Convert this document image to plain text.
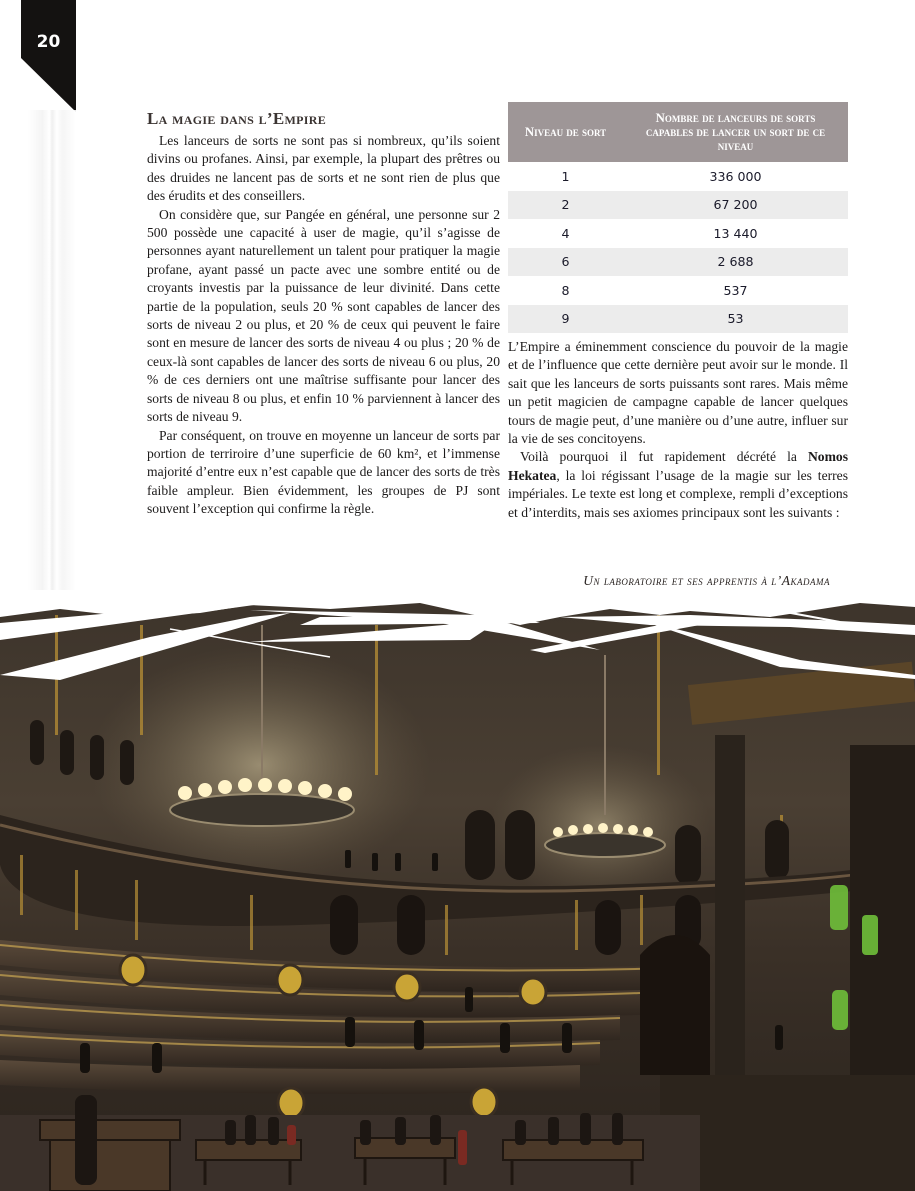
20
La magie dans l’Empire

Les lanceurs de sorts ne sont pas si nombreux, qu’ils soient divins ou profanes. Ainsi, par exemple, la plupart des prêtres ou des druides ne lancent pas de sorts et ne sont rien de plus que des érudits et des conseillers.

On considère que, sur Pangée en général, une personne sur 2 500 possède une capacité à user de magie, qu’il s’agisse de personnes ayant naturellement un talent pour pratiquer la magie profane, ayant passé un pacte avec une sombre entité ou de croyants investis par la puissance de leur divinité. Dans cette partie de la population, seuls 20 % sont capables de lancer des sorts de niveau 2 ou plus, et 20 % de ceux qui peuvent le faire sont en mesure de lancer des sorts de niveau 4 ou plus ; 20 % de ceux-là sont capables de lancer des sorts de niveau 6 ou plus, 20 % de ces derniers ont une maîtrise suffisante pour lancer des sorts de niveau 8 ou plus, et enfin 10 % parviennent à lancer des sorts de niveau 9.

Par conséquent, on trouve en moyenne un lanceur de sorts par portion de terriroire d’une superficie de 60 km², et l’immense majorité d’entre eux n’est capable que de lancer des sorts de très faible ampleur. Bien évidemment, les groupes de PJ sont souvent l’exception qui confirme la règle.

Niveau de sort	Nombre de lanceurs de sorts capables de lancer un sort de ce niveau

1	336 000
2	67 200
4	13 440
6	2 688
8	537
9	53

L’Empire a éminemment conscience du pouvoir de la magie et de l’influence que cette dernière peut avoir sur le monde. Il sait que les lanceurs de sorts puissants sont rares. Mais même un petit magicien de campagne capable de lancer quelques tours de magie peut, d’une manière ou d’une autre, influer sur la vie de ses concitoyens.

Voilà pourquoi il fut rapidement décrété la Nomos Hekatea, la loi régissant l’usage de la magie sur les terres impériales. Le texte est long et complexe, rempli d’exceptions et d’interdits, mais ses axiomes principaux sont les suivants :

Un laboratoire et ses apprentis à l’Akadama
